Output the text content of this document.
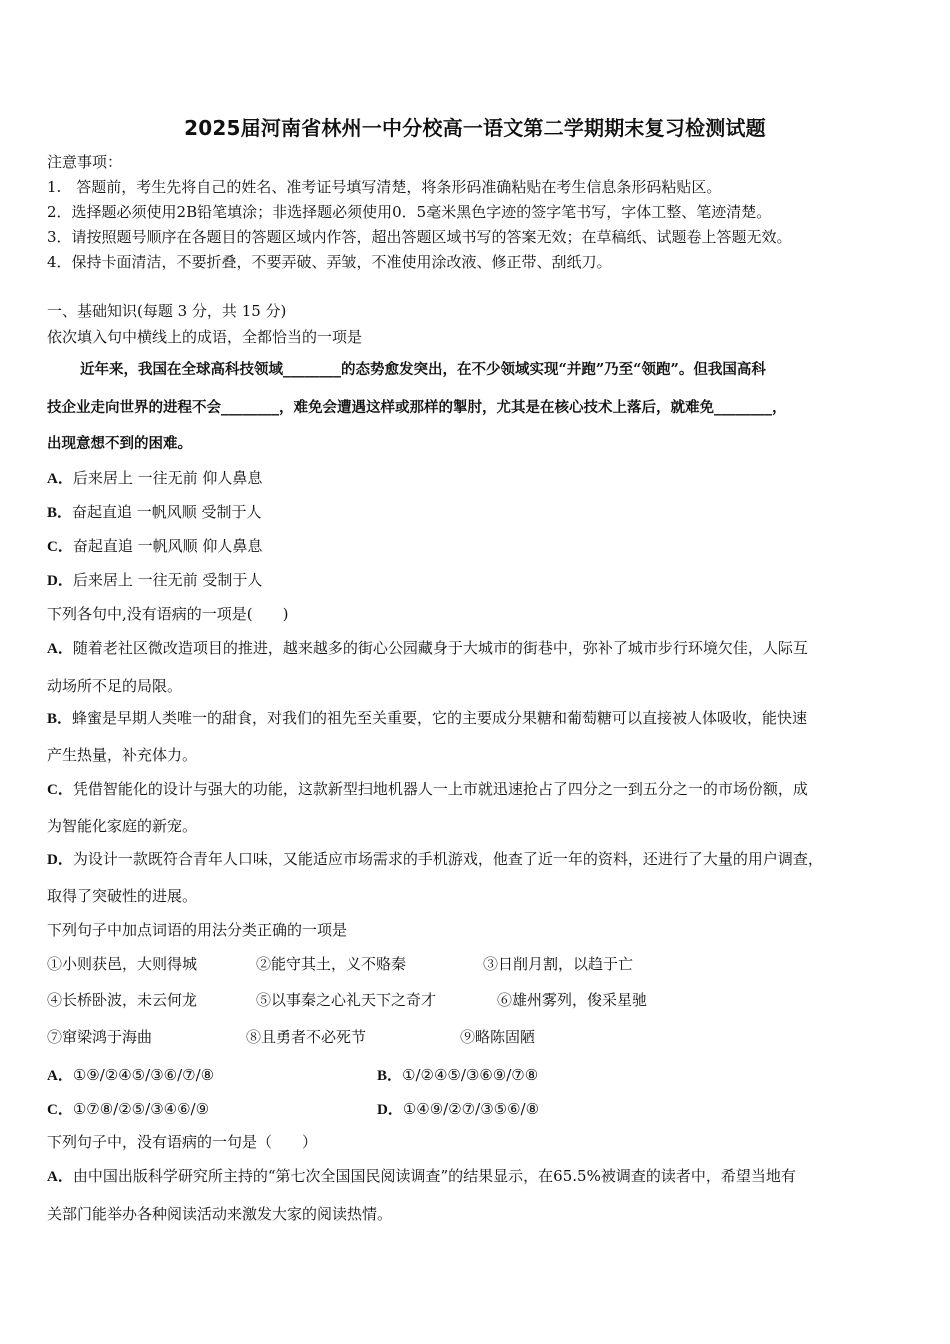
2025届河南省林州一中分校高一语文第二学期期末复习检测试题
注意事项：
1.　答题前，考生先将自己的姓名、准考证号填写清楚，将条形码准确粘贴在考生信息条形码粘贴区。
2．选择题必须使用2B铅笔填涂；非选择题必须使用0．5毫米黑色字迹的签字笔书写，字体工整、笔迹清楚。
3．请按照题号顺序在各题目的答题区域内作答，超出答题区域书写的答案无效；在草稿纸、试题卷上答题无效。
4．保持卡面清洁，不要折叠，不要弄破、弄皱，不准使用涂改液、修正带、刮纸刀。
一、基础知识(每题 3 分，共 15 分)
依次填入句中横线上的成语，全都恰当的一项是
近年来，我国在全球高科技领域________的态势愈发突出，在不少领域实现“并跑”乃至“领跑”。但我国高科
技企业走向世界的进程不会________，难免会遭遇这样或那样的掣肘，尤其是在核心技术上落后，就难免________，
出现意想不到的困难。
A．后来居上 一往无前 仰人鼻息
B．奋起直追 一帆风顺 受制于人
C．奋起直追 一帆风顺 仰人鼻息
D．后来居上 一往无前 受制于人
下列各句中,没有语病的一项是(　　)
A．随着老社区微改造项目的推进，越来越多的街心公园藏身于大城市的街巷中，弥补了城市步行环境欠佳，人际互
动场所不足的局限。
B．蜂蜜是早期人类唯一的甜食，对我们的祖先至关重要，它的主要成分果糖和葡萄糖可以直接被人体吸收，能快速
产生热量，补充体力。
C．凭借智能化的设计与强大的功能，这款新型扫地机器人一上市就迅速抢占了四分之一到五分之一的市场份额，成
为智能化家庭的新宠。
D．为设计一款既符合青年人口味，又能适应市场需求的手机游戏，他查了近一年的资料，还进行了大量的用户调查，
取得了突破性的进展。
下列句子中加点词语的用法分类正确的一项是
①小则获邑，大则得城	②能守其土，义不赂秦	③日削月割，以趋于亡
④长桥卧波，未云何龙	⑤以事秦之心礼天下之奇才	⑥雄州雾列，俊采星驰
⑦窜梁鸿于海曲	⑧且勇者不必死节	⑨略陈固陋
A．①⑨/②④⑤/③⑥/⑦/⑧	B．①/②④⑤/③⑥⑨/⑦⑧
C．①⑦⑧/②⑤/③④⑥/⑨	D．①④⑨/②⑦/③⑤⑥/⑧
下列句子中，没有语病的一句是（　　）
A．由中国出版科学研究所主持的“第七次全国国民阅读调查”的结果显示，在65.5%被调查的读者中，希望当地有
关部门能举办各种阅读活动来激发大家的阅读热情。
